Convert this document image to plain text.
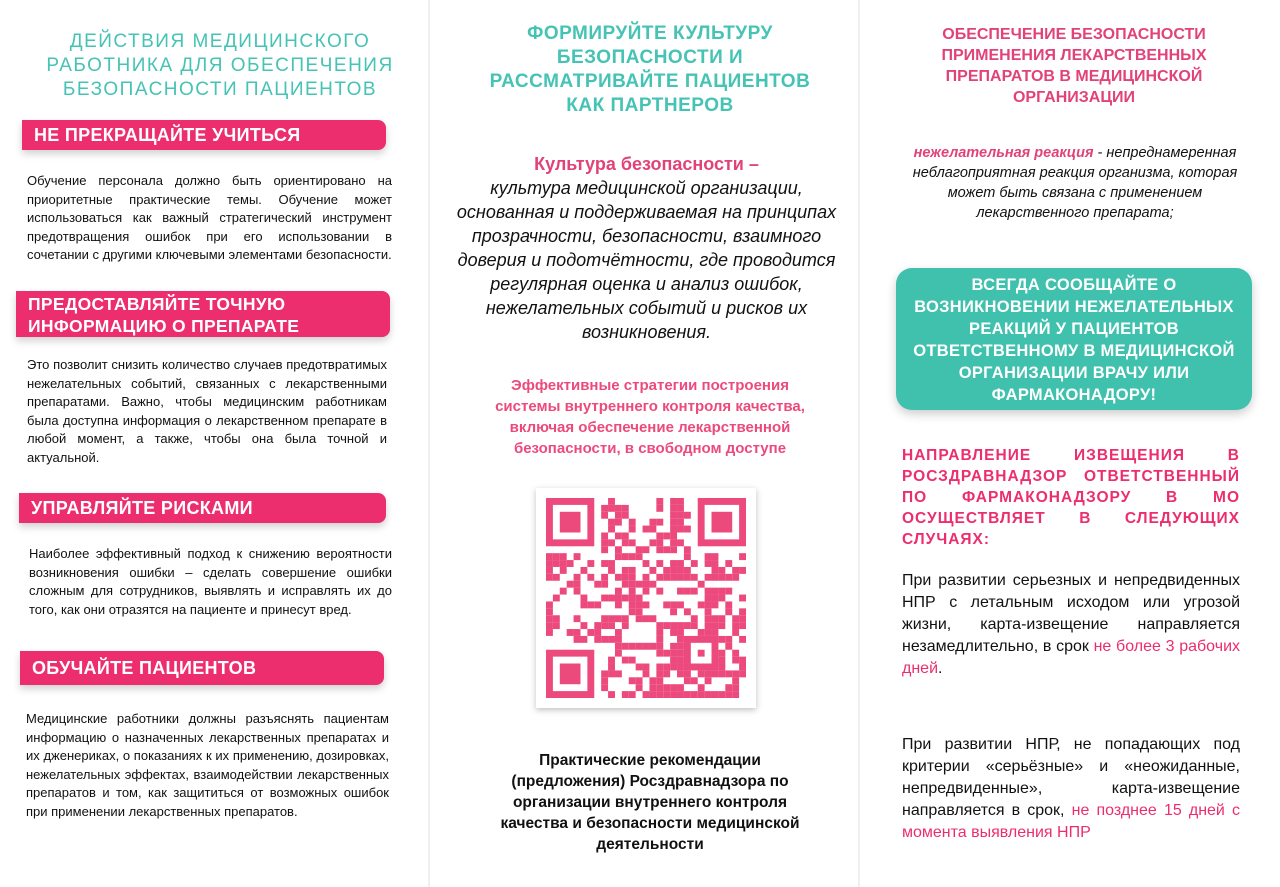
ДЕЙСТВИЯ МЕДИЦИНСКОГО РАБОТНИКА ДЛЯ ОБЕСПЕЧЕНИЯ БЕЗОПАСНОСТИ ПАЦИЕНТОВ
НЕ ПРЕКРАЩАЙТЕ УЧИТЬСЯ
Обучение персонала должно быть ориентировано на приоритетные практические темы. Обучение может использоваться как важный стратегический инструмент предотвращения ошибок при его использовании в сочетании с другими ключевыми элементами безопасности.
ПРЕДОСТАВЛЯЙТЕ ТОЧНУЮ ИНФОРМАЦИЮ О ПРЕПАРАТЕ
Это позволит снизить количество случаев предотвратимых нежелательных событий, связанных с лекарственными препаратами. Важно, чтобы медицинским работникам была доступна информация о лекарственном препарате в любой момент, а также, чтобы она была точной и актуальной.
УПРАВЛЯЙТЕ РИСКАМИ
Наиболее эффективный подход к снижению вероятности возникновения ошибки – сделать совершение ошибки сложным для сотрудников, выявлять и исправлять их до того, как они отразятся на пациенте и принесут вред.
ОБУЧАЙТЕ ПАЦИЕНТОВ
Медицинские работники должны разъяснять пациентам информацию о назначенных лекарственных препаратах и их дженериках, о показаниях к их применению, дозировках, нежелательных эффектах, взаимодействии лекарственных препаратов и том, как защититься от возможных ошибок при применении лекарственных препаратов.
ФОРМИРУЙТЕ КУЛЬТУРУ БЕЗОПАСНОСТИ И РАССМАТРИВАЙТЕ ПАЦИЕНТОВ КАК ПАРТНЕРОВ
Культура безопасности –
культура медицинской организации, основанная и поддерживаемая на принципах прозрачности, безопасности, взаимного доверия и подотчётности, где проводится регулярная оценка и анализ ошибок, нежелательных событий и рисков их возникновения.
Эффективные стратегии построения системы внутреннего контроля качества, включая обеспечение лекарственной безопасности, в свободном доступе
Практические рекомендации (предложения) Росздравнадзора по организации внутреннего контроля качества и безопасности медицинской деятельности
ОБЕСПЕЧЕНИЕ БЕЗОПАСНОСТИ ПРИМЕНЕНИЯ ЛЕКАРСТВЕННЫХ ПРЕПАРАТОВ В МЕДИЦИНСКОЙ ОРГАНИЗАЦИИ
нежелательная реакция - непреднамеренная неблагоприятная реакция организма, которая может быть связана с применением лекарственного препарата;
ВСЕГДА СООБЩАЙТЕ О ВОЗНИКНОВЕНИИ НЕЖЕЛАТЕЛЬНЫХ РЕАКЦИЙ У ПАЦИЕНТОВ ОТВЕТСТВЕННОМУ В МЕДИЦИНСКОЙ ОРГАНИЗАЦИИ ВРАЧУ ИЛИ ФАРМАКОНАДОРУ!
НАПРАВЛЕНИЕ ИЗВЕЩЕНИЯ В РОСЗДРАВНАДЗОР ОТВЕТСТВЕННЫЙ ПО ФАРМАКОНАДЗОРУ В МО ОСУЩЕСТВЛЯЕТ В СЛЕДУЮЩИХ СЛУЧАЯХ:
При развитии серьезных и непредвиденных НПР с летальным исходом или угрозой жизни, карта-извещение направляется незамедлительно, в срок не более 3 рабочих дней.
При развитии НПР, не попадающих под критерии «серьёзные» и «неожиданные, непредвиденные», карта-извещение направляется в срок, не позднее 15 дней с момента выявления НПР
